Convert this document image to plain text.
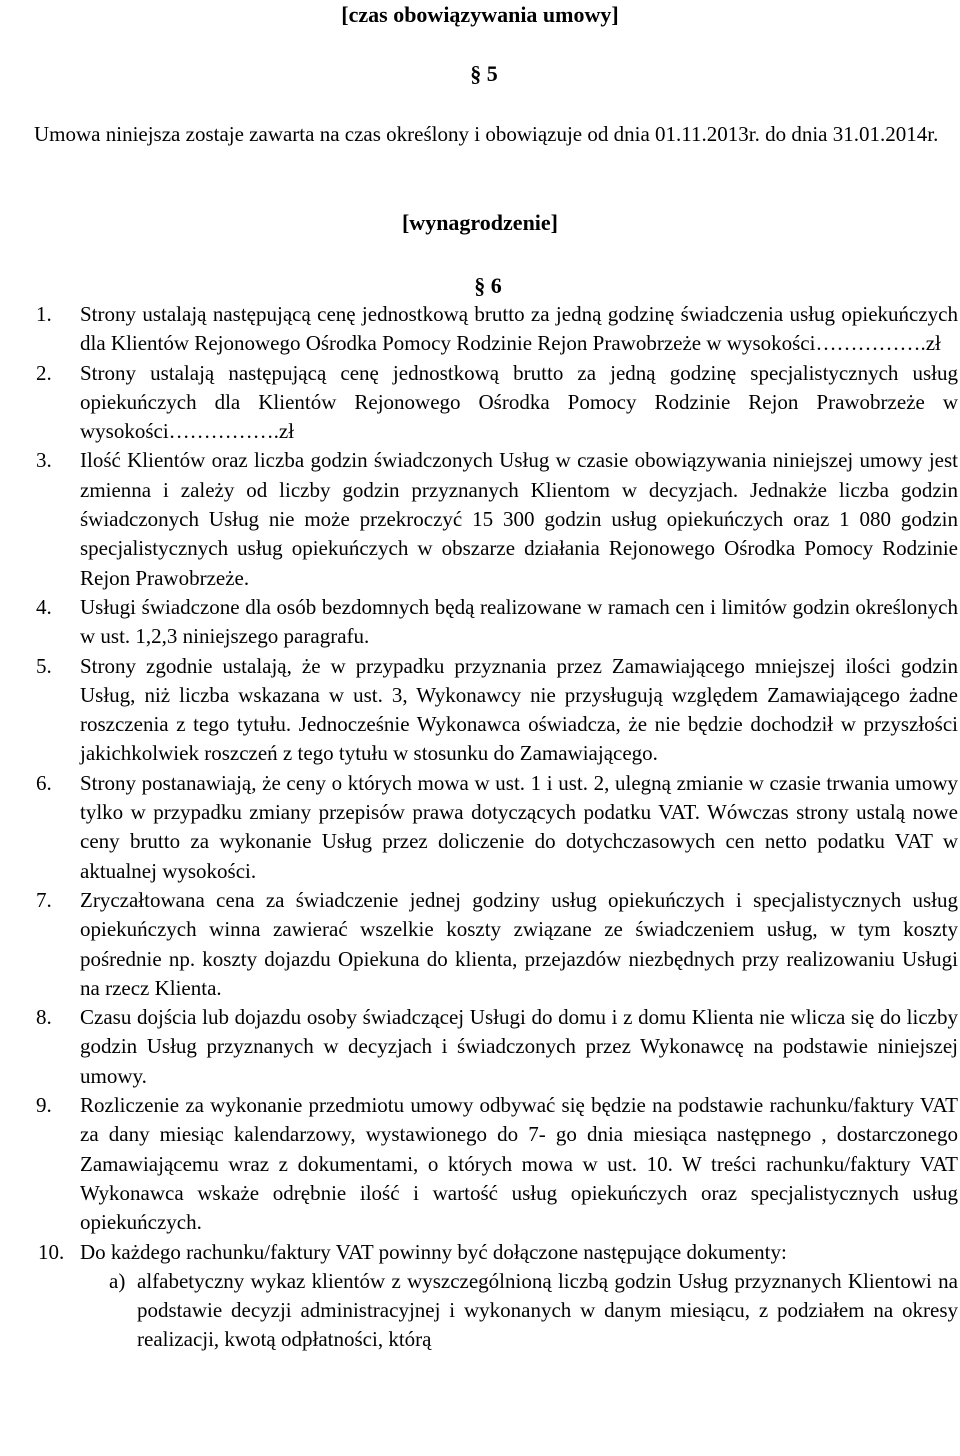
[czas obowiązywania umowy]
§ 5
Umowa niniejsza zostaje zawarta na czas określony i obowiązuje od dnia 01.11.2013r. do dnia 31.01.2014r.
[wynagrodzenie]
§ 6
1. Strony ustalają następującą cenę jednostkową brutto za jedną godzinę świadczenia usług opiekuńczych dla Klientów Rejonowego Ośrodka Pomocy Rodzinie Rejon Prawobrzeże w wysokości…………….zł
2. Strony ustalają następującą cenę jednostkową brutto za jedną godzinę specjalistycznych usług opiekuńczych dla Klientów Rejonowego Ośrodka Pomocy Rodzinie Rejon Prawobrzeże w wysokości…………….zł
3. Ilość Klientów oraz liczba godzin świadczonych Usług w czasie obowiązywania niniejszej umowy jest zmienna i zależy od liczby godzin przyznanych Klientom w decyzjach. Jednakże liczba godzin świadczonych Usług nie może przekroczyć 15 300 godzin usług opiekuńczych oraz 1 080 godzin specjalistycznych usług opiekuńczych w obszarze działania Rejonowego Ośrodka Pomocy Rodzinie Rejon Prawobrzeże.
4. Usługi świadczone dla osób bezdomnych będą realizowane w ramach cen i limitów godzin określonych w ust. 1,2,3 niniejszego paragrafu.
5. Strony zgodnie ustalają, że w przypadku przyznania przez Zamawiającego mniejszej ilości godzin Usług, niż liczba wskazana w ust. 3, Wykonawcy nie przysługują względem Zamawiającego żadne roszczenia z tego tytułu. Jednocześnie Wykonawca oświadcza, że nie będzie dochodził w przyszłości jakichkolwiek roszczeń z tego tytułu w stosunku do Zamawiającego.
6. Strony postanawiają, że ceny o których mowa w ust. 1 i ust. 2, ulegną zmianie w czasie trwania umowy tylko w przypadku zmiany przepisów prawa dotyczących podatku VAT. Wówczas strony ustalą nowe ceny brutto za wykonanie Usług przez doliczenie do dotychczasowych cen netto podatku VAT w aktualnej wysokości.
7. Zryczałtowana cena za świadczenie jednej godziny usług opiekuńczych i specjalistycznych usług opiekuńczych winna zawierać wszelkie koszty związane ze świadczeniem usług, w tym koszty pośrednie np. koszty dojazdu Opiekuna do klienta, przejazdów niezbędnych przy realizowaniu Usługi na rzecz Klienta.
8. Czasu dojścia lub dojazdu osoby świadczącej Usługi do domu i z domu Klienta nie wlicza się do liczby godzin Usług przyznanych w decyzjach i świadczonych przez Wykonawcę na podstawie niniejszej umowy.
9. Rozliczenie za wykonanie przedmiotu umowy odbywać się będzie na podstawie rachunku/faktury VAT za dany miesiąc kalendarzowy, wystawionego do 7- go dnia miesiąca następnego , dostarczonego Zamawiającemu wraz z dokumentami, o których mowa w ust. 10. W treści rachunku/faktury VAT Wykonawca wskaże odrębnie ilość i wartość usług opiekuńczych oraz specjalistycznych usług opiekuńczych.
10. Do każdego rachunku/faktury VAT powinny być dołączone następujące dokumenty:
a) alfabetyczny wykaz klientów z wyszczególnioną liczbą godzin Usług przyznanych Klientowi na podstawie decyzji administracyjnej i wykonanych w danym miesiącu, z podziałem na okresy realizacji, kwotą odpłatności, którą
